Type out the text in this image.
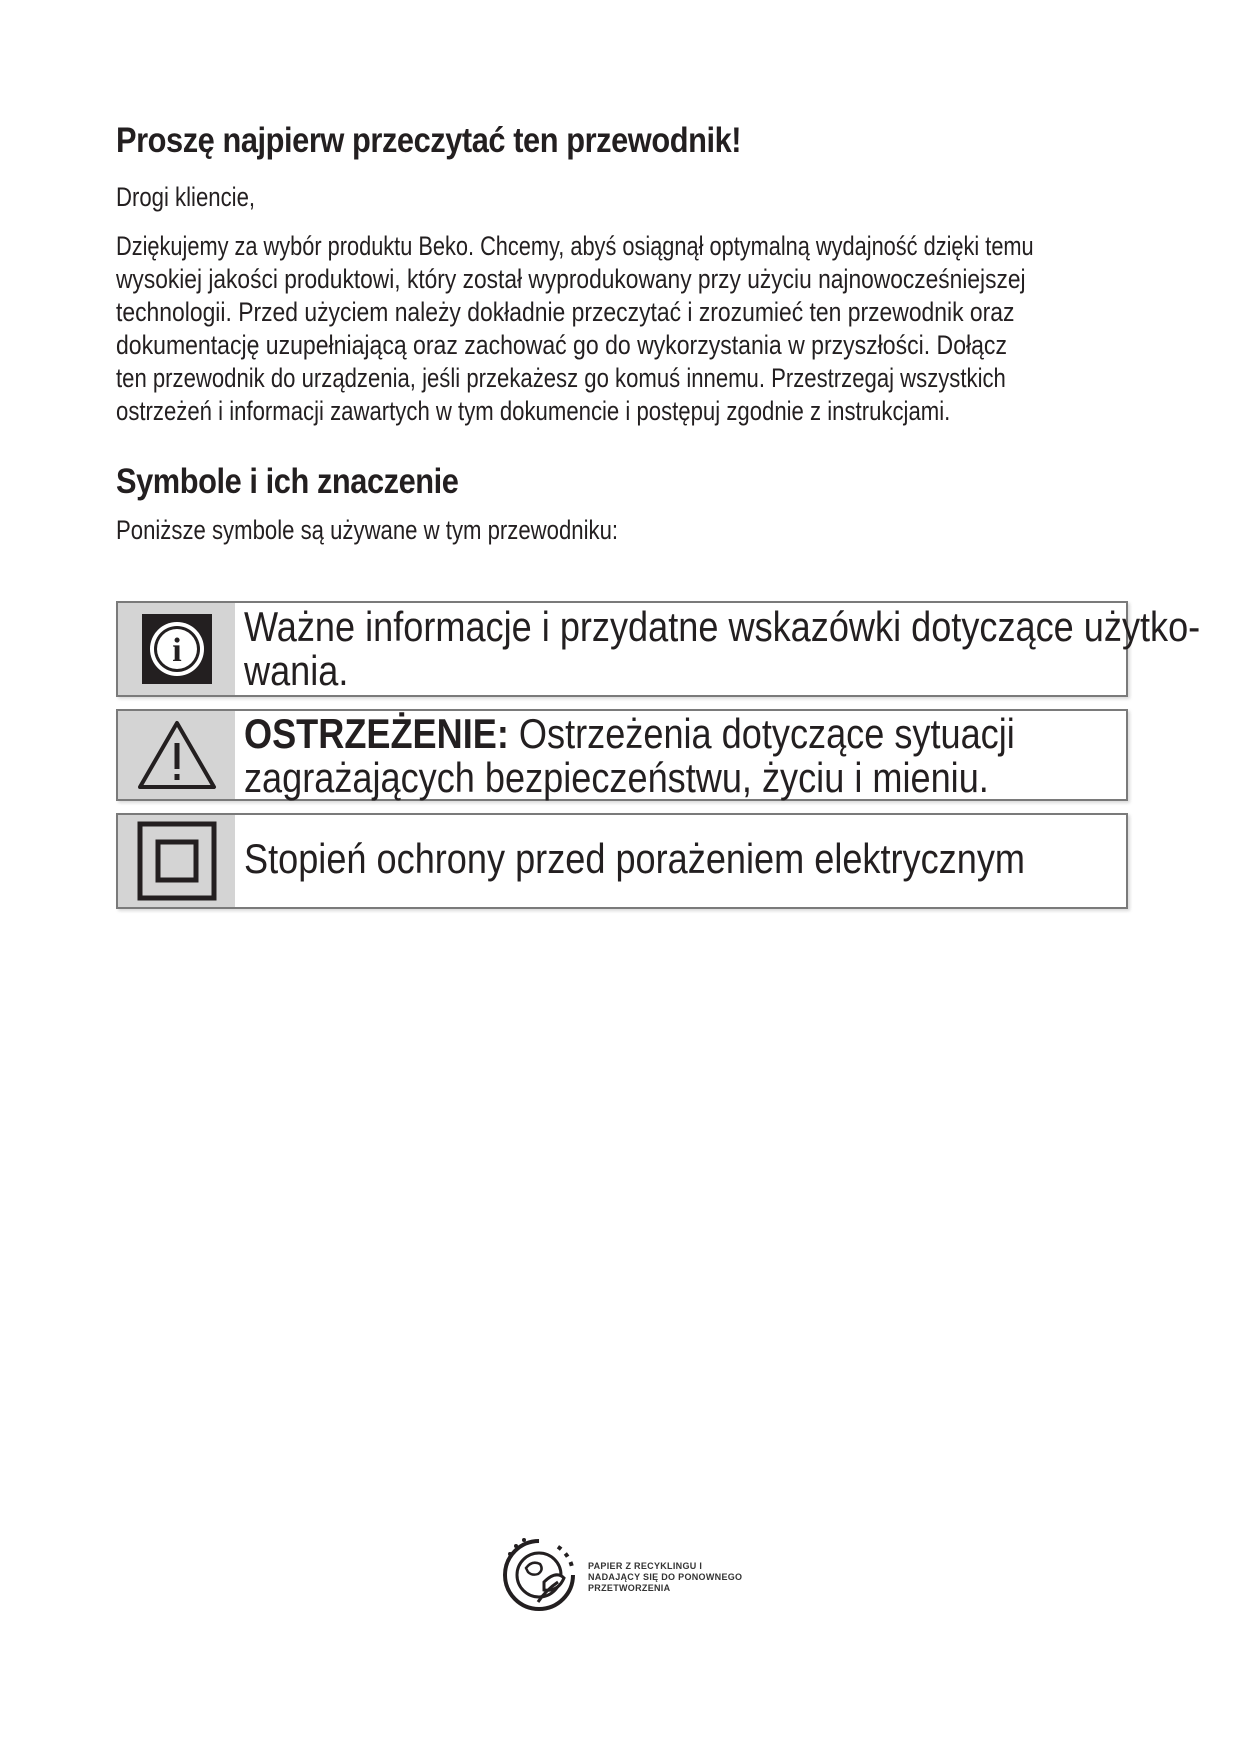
Proszę najpierw przeczytać ten przewodnik!
Drogi kliencie,
Dziękujemy za wybór produktu Beko. Chcemy, abyś osiągnął optymalną wydajność dzięki temu
wysokiej jakości produktowi, który został wyprodukowany przy użyciu najnowocześniejszej
technologii. Przed użyciem należy dokładnie przeczytać i zrozumieć ten przewodnik oraz
dokumentację uzupełniającą oraz zachować go do wykorzystania w przyszłości. Dołącz
ten przewodnik do urządzenia, jeśli przekażesz go komuś innemu. Przestrzegaj wszystkich
ostrzeżeń i informacji zawartych w tym dokumencie i postępuj zgodnie z instrukcjami.
Symbole i ich znaczenie
Poniższe symbole są używane w tym przewodniku:
i
Ważne informacje i przydatne wskazówki dotyczące użytko-
wania.
OSTRZEŻENIE: Ostrzeżenia dotyczące sytuacji
zagrażających bezpieczeństwu, życiu i mieniu.
Stopień ochrony przed porażeniem elektrycznym
PAPIER Z RECYKLINGU I
NADAJĄCY SIĘ DO PONOWNEGO
PRZETWORZENIA
